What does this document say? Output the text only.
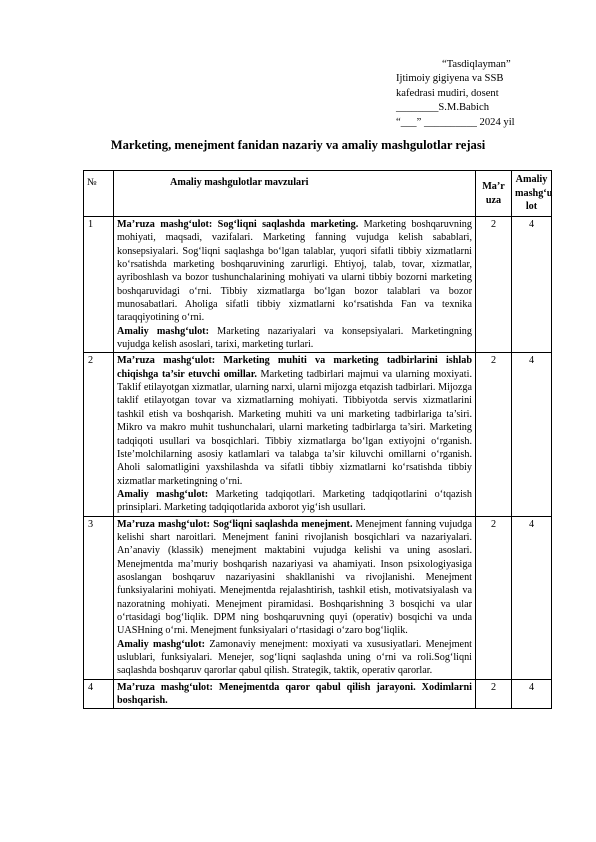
“Tasdiqlayman”
Ijtimoiy gigiyena va SSB
kafedrasi mudiri, dosent
________S.M.Babich
“___” __________ 2024 yil
Marketing, menejment fanidan nazariy va amaliy mashgulotlar rejasi
№	Amaliy mashgulotlar mavzulari	Ma’r uza	Amaliy mashg‘u lot
1	Ma’ruza mashg‘ulot: Sog‘liqni saqlashda marketing. Marketing boshqaruvning mohiyati, maqsadi, vazifalari. Marketing fanning vujudga kelish sabablari, konsepsiyalari. Sog‘liqni saqlashga bo‘lgan talablar, yuqori sifatli tibbiy xizmatlarni ko‘rsatishda marketing boshqaruvining zarurligi. Ehtiyoj, talab, tovar, xizmatlar, ayriboshlash va bozor tushunchalarining mohiyati va ularni tibbiy bozorni marketing boshqaruvidagi o‘rni. Tibbiy xizmatlarga bo‘lgan bozor talablari va bozor munosabatlari. Aholiga sifatli tibbiy xizmatlarni ko‘rsatishda Fan va texnika taraqqiyotining o‘rni.
Amaliy mashg‘ulot: Marketing nazariyalari va konsepsiyalari. Marketingning vujudga kelish asoslari, tarixi, marketing turlari.	2	4
2	Ma’ruza mashg‘ulot: Marketing muhiti va marketing tadbirlarini ishlab chiqishga ta’sir etuvchi omillar. Marketing tadbirlari majmui va ularning moxiyati. Taklif etilayotgan xizmatlar, ularning narxi, ularni mijozga etqazish tadbirlari. Mijozga taklif etilayotgan tovar va xizmatlarning mohiyati. Tibbiyotda servis xizmatlarini tashkil etish va boshqarish. Marketing muhiti va uni marketing tadbirlariga ta’siri. Mikro va makro muhit tushunchalari, ularni marketing tadbirlarga ta’siri. Marketing tadqiqoti usullari va bosqichlari. Tibbiy xizmatlarga bo‘lgan extiyojni o‘rganish. Iste’molchilarning asosiy katlamlari va talabga ta’sir kiluvchi omillarni o‘rganish. Aholi salomatligini yaxshilashda va sifatli tibbiy xizmatlarni ko‘rsatishda tibbiy xizmatlar marketingning o‘rni.
Amaliy mashg‘ulot: Marketing tadqiqotlari. Marketing tadqiqotlarini o‘tqazish prinsiplari. Marketing tadqiqotlarida axborot yig‘ish usullari.	2	4
3	Ma’ruza mashg‘ulot: Sog‘liqni saqlashda menejment. Menejment fanning vujudga kelishi shart naroitlari. Menejment fanini rivojlanish bosqichlari va nazariyalari. An’anaviy (klassik) menejment maktabini vujudga kelishi va uning asoslari. Menejmentda ma’muriy boshqarish nazariyasi va ahamiyati. Inson psixologiyasiga asoslangan boshqaruv nazariyasini shakllanishi va rivojlanishi. Menejment funksiyalarini mohiyati. Menejmentda rejalashtirish, tashkil etish, motivatsiyalash va nazoratning mohiyati. Menejment piramidasi. Boshqarishning 3 bosqichi va ular o‘rtasidagi bog‘liqlik. DPM ning boshqaruvning quyi (operativ) bosqichi va unda UASHning o‘rni. Menejment funksiyalari o‘rtasidagi o‘zaro bog‘liqlik.
Amaliy mashg‘ulot: Zamonaviy menejment: moxiyati va xususiyatlari. Menejment uslublari, funksiyalari. Menejer, sog‘liqni saqlashda uning o‘rni va roli.Sog‘liqni saqlashda boshqaruv qarorlar qabul qilish. Strategik, taktik, operativ qarorlar.	2	4
4	Ma’ruza mashg‘ulot: Menejmentda qaror qabul qilish jarayoni. Xodimlarni boshqarish.	2	4
